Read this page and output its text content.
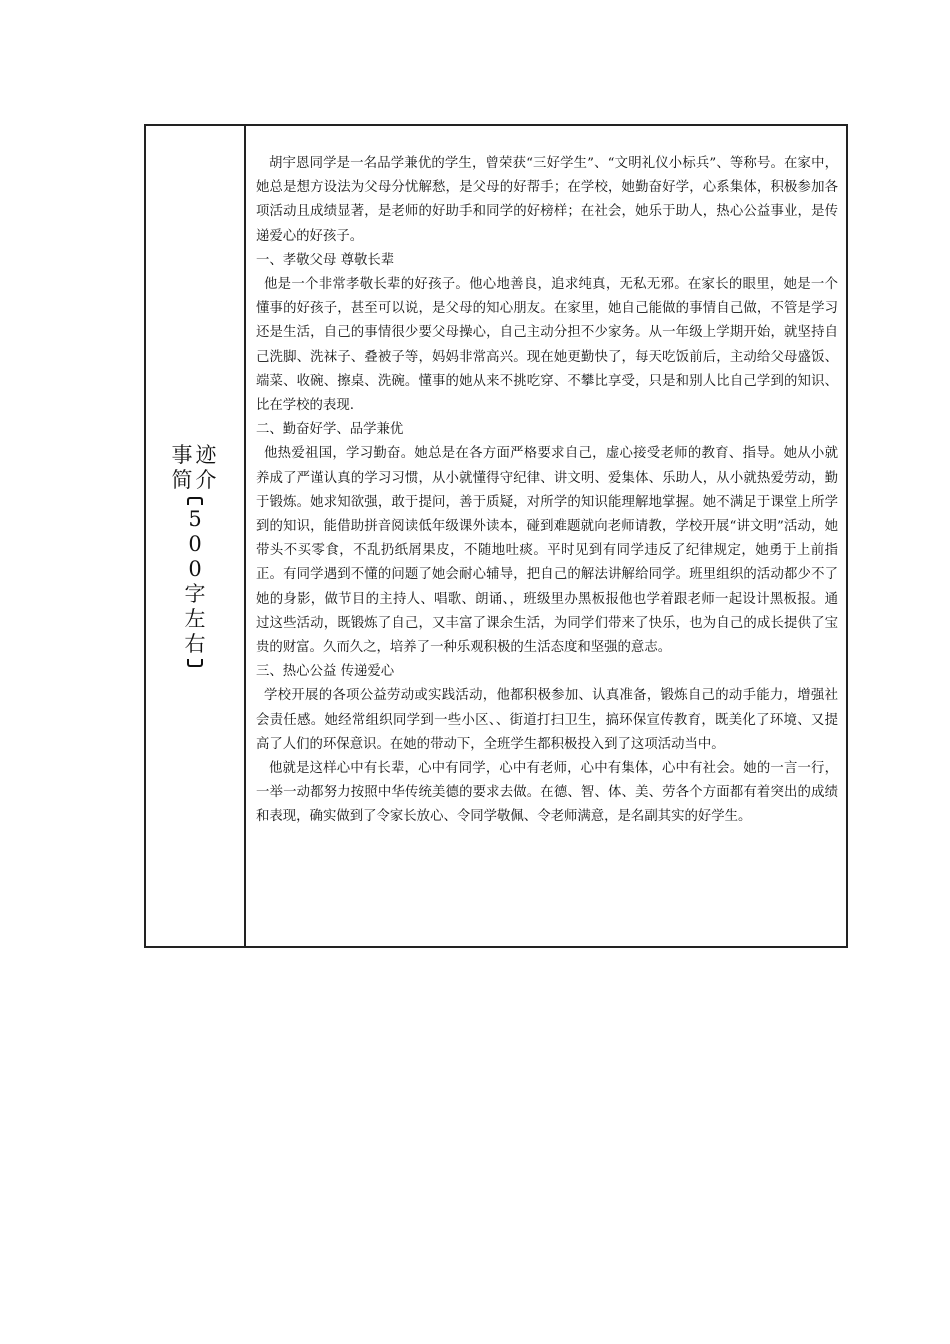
事 迹
简 介
5
0
0
字
左
右

胡宇恩同学是一名品学兼优的学生，曾荣获“三好学生”、“文明礼仪小标兵”、等称号。在家中，她总是想方设法为父母分忧解愁，是父母的好帮手；在学校，她勤奋好学，心系集体，积极参加各项活动且成绩显著，是老师的好助手和同学的好榜样；在社会，她乐于助人，热心公益事业，是传递爱心的好孩子。

一、孝敬父母 尊敬长辈

他是一个非常孝敬长辈的好孩子。他心地善良，追求纯真，无私无邪。在家长的眼里，她是一个懂事的好孩子，甚至可以说，是父母的知心朋友。在家里，她自己能做的事情自己做，不管是学习还是生活，自己的事情很少要父母操心，自己主动分担不少家务。从一年级上学期开始，就坚持自己洗脚、洗袜子、叠被子等，妈妈非常高兴。现在她更勤快了，每天吃饭前后，主动给父母盛饭、端菜、收碗、擦桌、洗碗。懂事的她从来不挑吃穿、不攀比享受，只是和别人比自己学到的知识、比在学校的表现.

二、勤奋好学、品学兼优

他热爱祖国，学习勤奋。她总是在各方面严格要求自己，虚心接受老师的教育、指导。她从小就养成了严谨认真的学习习惯，从小就懂得守纪律、讲文明、爱集体、乐助人，从小就热爱劳动，勤于锻炼。她求知欲强，敢于提问，善于质疑，对所学的知识能理解地掌握。她不满足于课堂上所学到的知识，能借助拼音阅读低年级课外读本，碰到难题就向老师请教，学校开展“讲文明”活动，她带头不买零食，不乱扔纸屑果皮，不随地吐痰。平时见到有同学违反了纪律规定，她勇于上前指正。有同学遇到不懂的问题了她会耐心辅导，把自己的解法讲解给同学。班里组织的活动都少不了她的身影，做节目的主持人、唱歌、朗诵、，班级里办黑板报他也学着跟老师一起设计黑板报。通过这些活动，既锻炼了自己，又丰富了课余生活，为同学们带来了快乐，也为自己的成长提供了宝贵的财富。久而久之，培养了一种乐观积极的生活态度和坚强的意志。

三、热心公益 传递爱心

学校开展的各项公益劳动或实践活动，他都积极参加、认真准备，锻炼自己的动手能力，增强社会责任感。她经常组织同学到一些小区、、街道打扫卫生，搞环保宣传教育，既美化了环境、又提高了人们的环保意识。在她的带动下，全班学生都积极投入到了这项活动当中。

他就是这样心中有长辈，心中有同学，心中有老师，心中有集体，心中有社会。她的一言一行，一举一动都努力按照中华传统美德的要求去做。在德、智、体、美、劳各个方面都有着突出的成绩和表现，确实做到了令家长放心、令同学敬佩、令老师满意，是名副其实的好学生。
